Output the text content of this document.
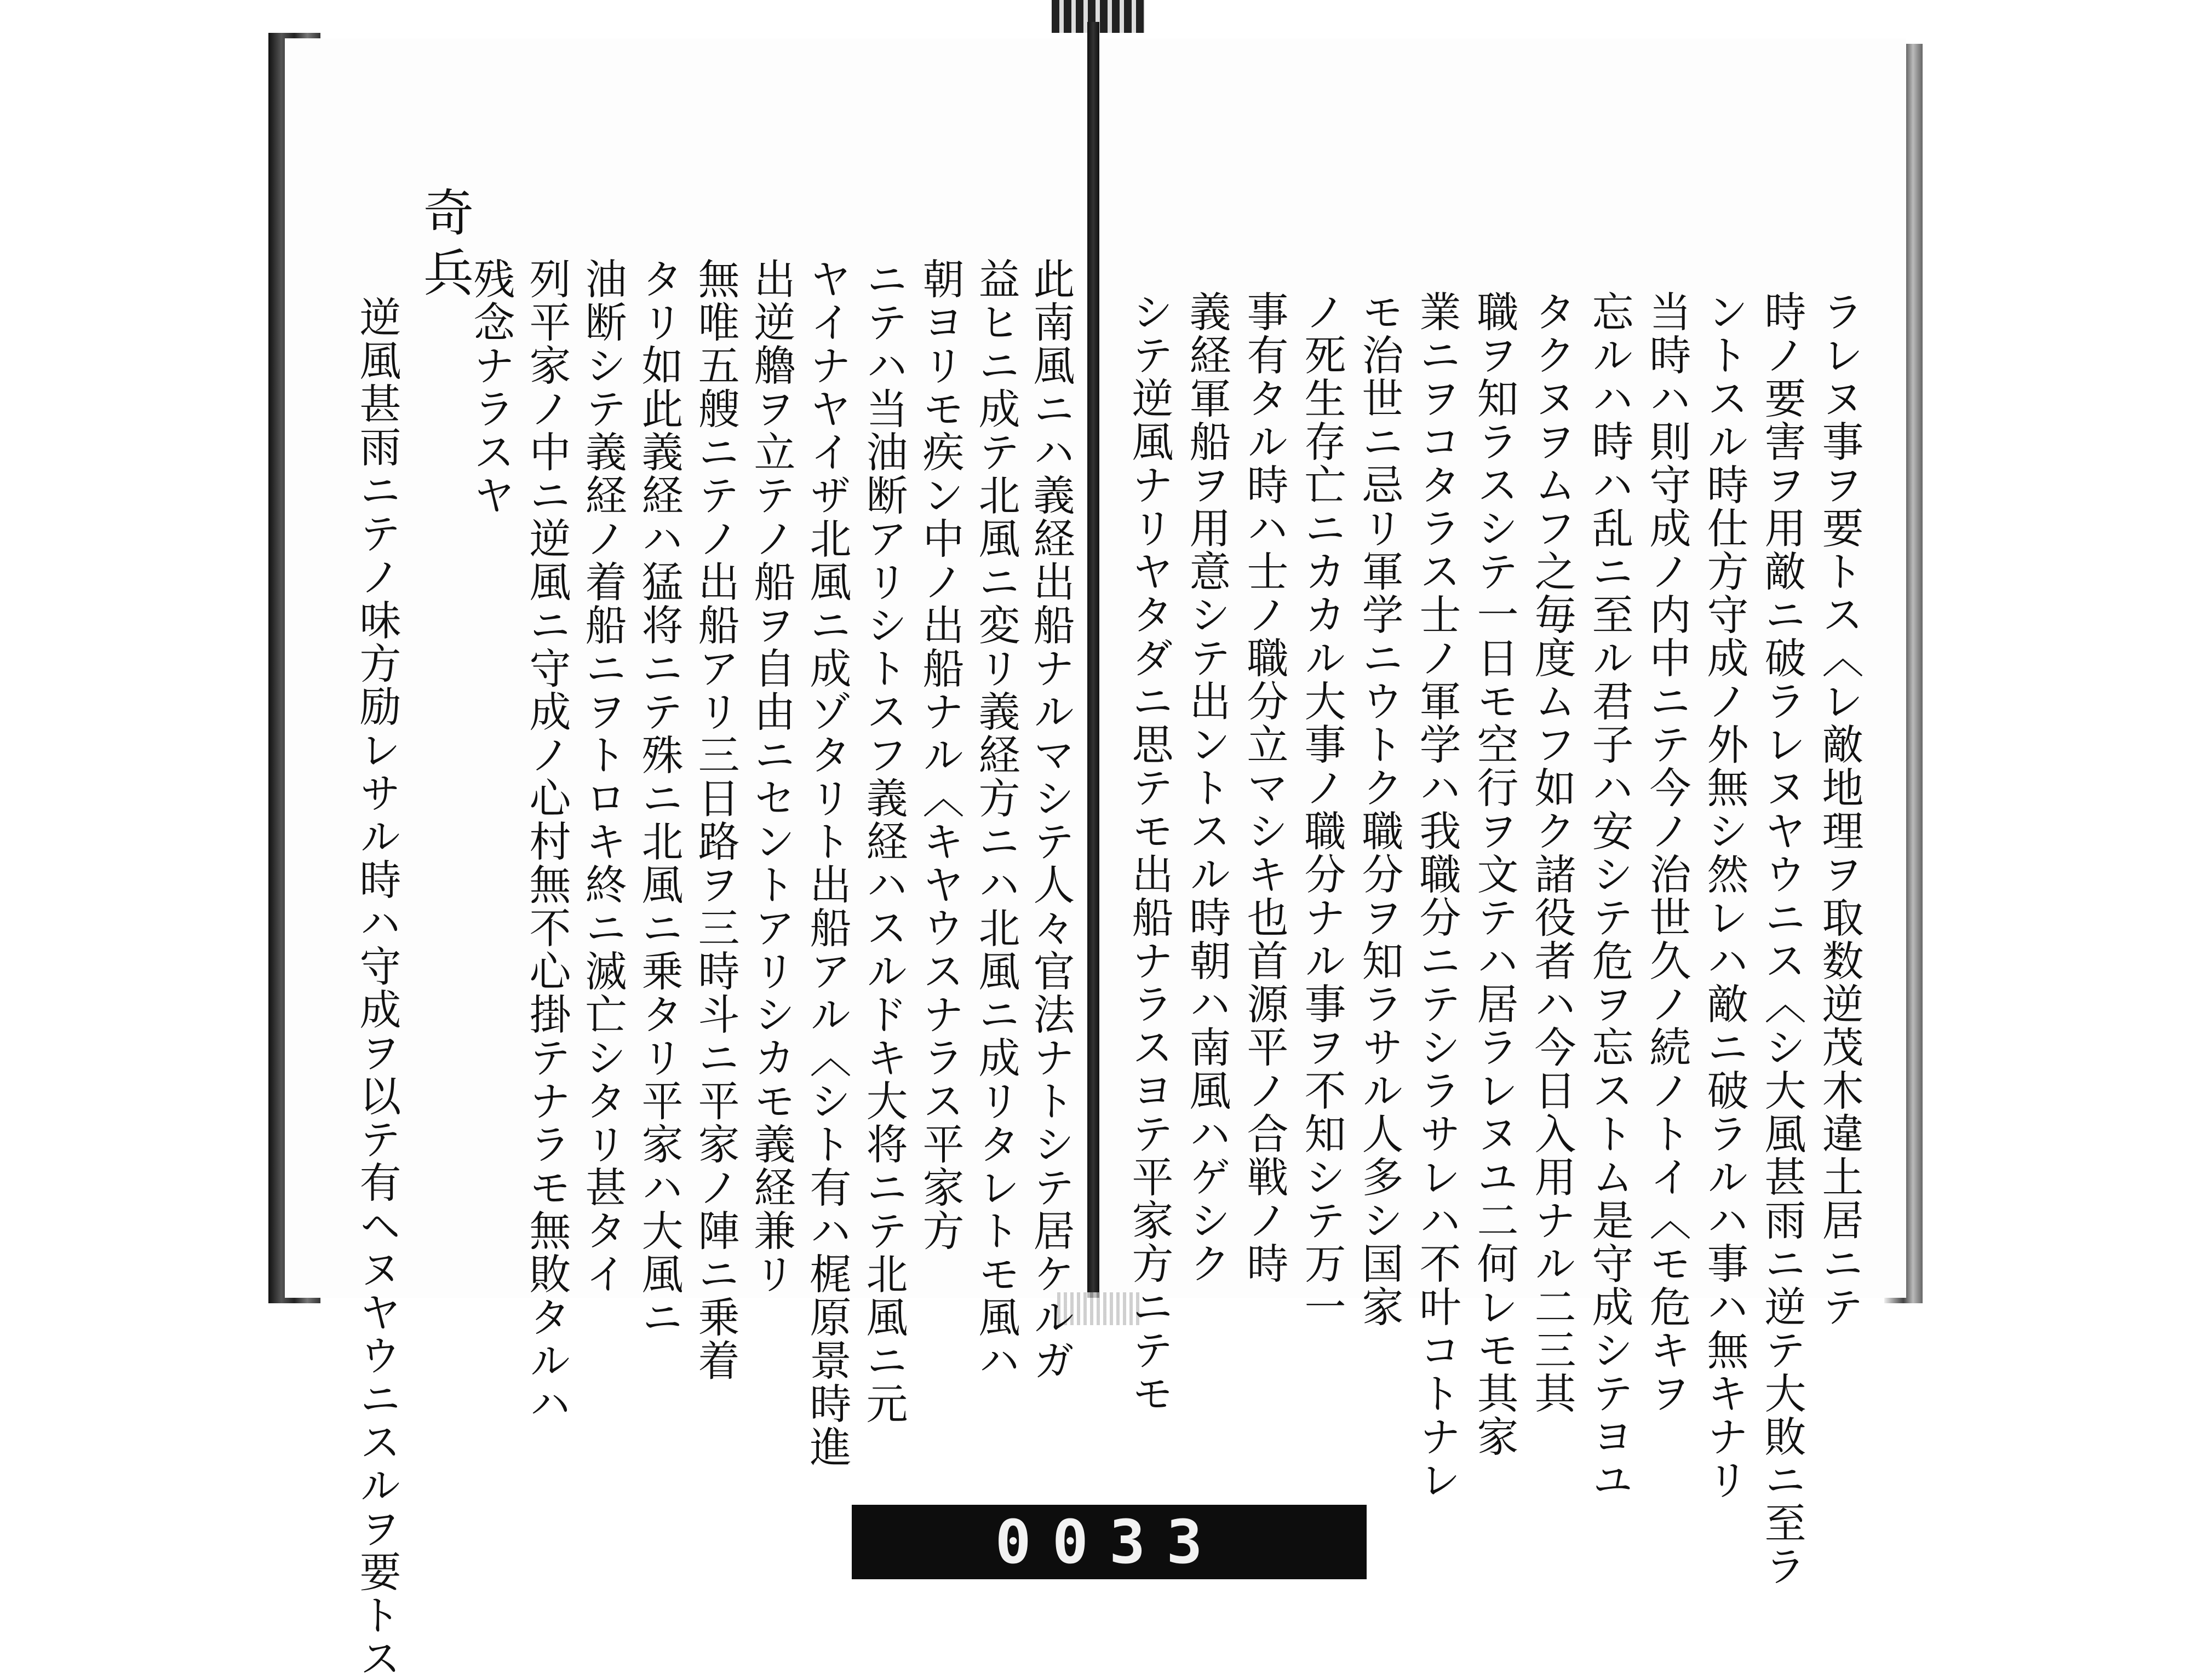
奇兵
此南風ニハ義経出船ナルマシテ人々官法ナトシテ居ケルガ
益ヒニ成テ北風ニ変リ義経方ニハ北風ニ成リタレトモ風ハ
朝ヨリモ疾ン中ノ出船ナル〈キヤウスナラス平家方
ニテハ当油断アリシトスフ義経ハスルドキ大将ニテ北風ニ元
ヤイナヤイザ北風ニ成ゾタリト出船アル〈シト有ハ梶原景時進
出逆艪ヲ立テノ船ヲ自由ニセントアリシカモ義経兼リ
無唯五艘ニテノ出船アリ三日路ヲ三時斗ニ平家ノ陣ニ乗着
タリ如此義経ハ猛将ニテ殊ニ北風ニ乗タリ平家ハ大風ニ
油断シテ義経ノ着船ニヲトロキ終ニ滅亡シタリ甚タイ
列平家ノ中ニ逆風ニ守成ノ心村無不心掛テナラモ無敗タルハ
残念ナラスヤ
逆風甚雨ニテノ味方励レサル時ハ守成ヲ以テ有ヘヌヤウニスルヲ要トス	ラレヌ事ヲ要トス〈レ敵地理ヲ取数逆茂木違土居ニテ
時ノ要害ヲ用敵ニ破ラレヌヤウニス〈シ大風甚雨ニ逆テ大敗ニ至ラ
ントスル時仕方守成ノ外無シ然レハ敵ニ破ラルハ事ハ無キナリ
当時ハ則守成ノ内中ニテ今ノ治世久ノ続ノトイ〈モ危キヲ
忘ルハ時ハ乱ニ至ル君子ハ安シテ危ヲ忘ストム是守成シテヨユ
タクヌヲムフ之毎度ムフ如ク諸役者ハ今日入用ナル二三其
職ヲ知ラスシテ一日モ空行ヲ文テハ居ラレヌユ二何レモ其家
業ニヲコタラス士ノ軍学ハ我職分ニテシラサレハ不叶コトナレ
モ治世ニ忌リ軍学ニウトク職分ヲ知ラサル人多シ国家
ノ死生存亡ニカカル大事ノ職分ナル事ヲ不知シテ万一
事有タル時ハ士ノ職分立マシキ也首源平ノ合戦ノ時
義経軍船ヲ用意シテ出ントスル時朝ハ南風ハゲシク
シテ逆風ナリヤタダニ思テモ出船ナラスヨテ平家方ニテモ
0033
